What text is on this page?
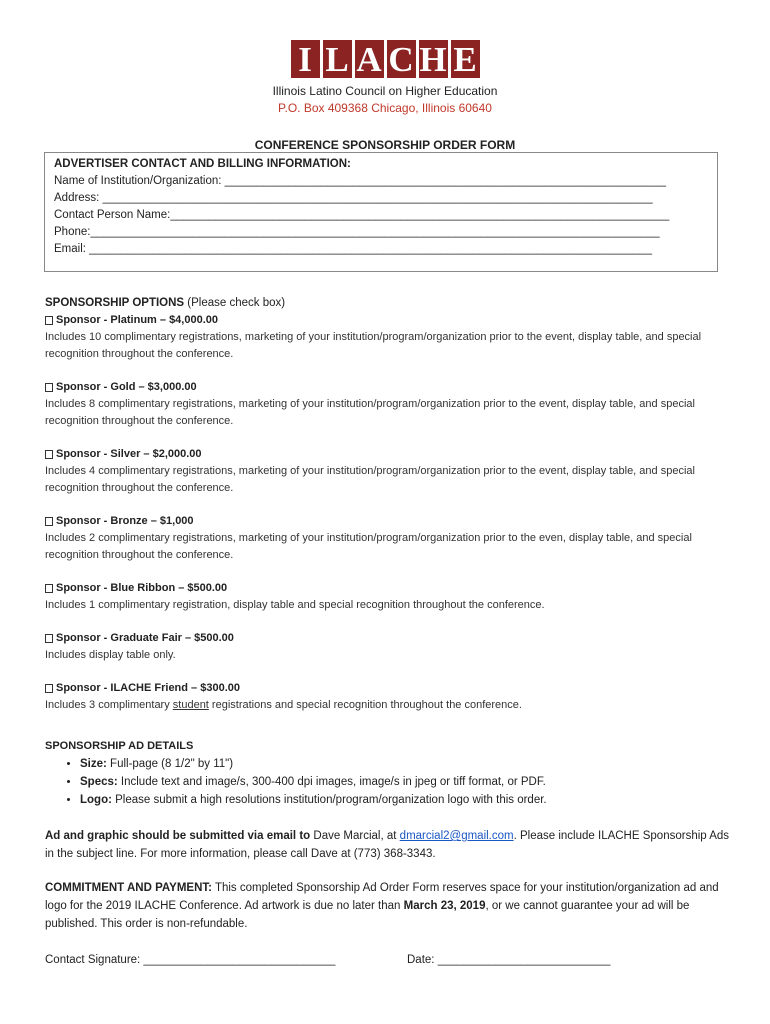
I L A C H E
Illinois Latino Council on Higher Education
P.O. Box 409368 Chicago, Illinois 60640
CONFERENCE SPONSORSHIP ORDER FORM
ADVERTISER CONTACT AND BILLING INFORMATION:
Name of Institution/Organization: _____________________________________________________________________
Address: ______________________________________________________________________________________
Contact Person Name:______________________________________________________________________________
Phone:_________________________________________________________________________________________
Email: ________________________________________________________________________________________
SPONSORSHIP OPTIONS (Please check box)
Sponsor - Platinum – $4,000.00
Includes 10 complimentary registrations, marketing of your institution/program/organization prior to the event, display table, and special recognition throughout the conference.
Sponsor - Gold – $3,000.00
Includes 8 complimentary registrations, marketing of your institution/program/organization prior to the event, display table, and special recognition throughout the conference.
Sponsor - Silver – $2,000.00
Includes 4 complimentary registrations, marketing of your institution/program/organization prior to the event, display table, and special recognition throughout the conference.
Sponsor - Bronze – $1,000
Includes 2 complimentary registrations, marketing of your institution/program/organization prior to the even, display table, and special recognition throughout the conference.
Sponsor - Blue Ribbon – $500.00
Includes 1 complimentary registration, display table and special recognition throughout the conference.
Sponsor - Graduate Fair – $500.00
Includes display table only.
Sponsor - ILACHE Friend – $300.00
Includes 3 complimentary student registrations and special recognition throughout the conference.
SPONSORSHIP AD DETAILS
• Size: Full-page (8 1/2" by 11")
• Specs: Include text and image/s, 300-400 dpi images, image/s in jpeg or tiff format, or PDF.
• Logo: Please submit a high resolutions institution/program/organization logo with this order.
Ad and graphic should be submitted via email to Dave Marcial, at dmarcial2@gmail.com. Please include ILACHE Sponsorship Ads in the subject line. For more information, please call Dave at (773) 368-3343.
COMMITMENT AND PAYMENT: This completed Sponsorship Ad Order Form reserves space for your institution/organization ad and logo for the 2019 ILACHE Conference. Ad artwork is due no later than March 23, 2019, or we cannot guarantee your ad will be published. This order is non-refundable.
Contact Signature: ______________________________	Date: ___________________________
